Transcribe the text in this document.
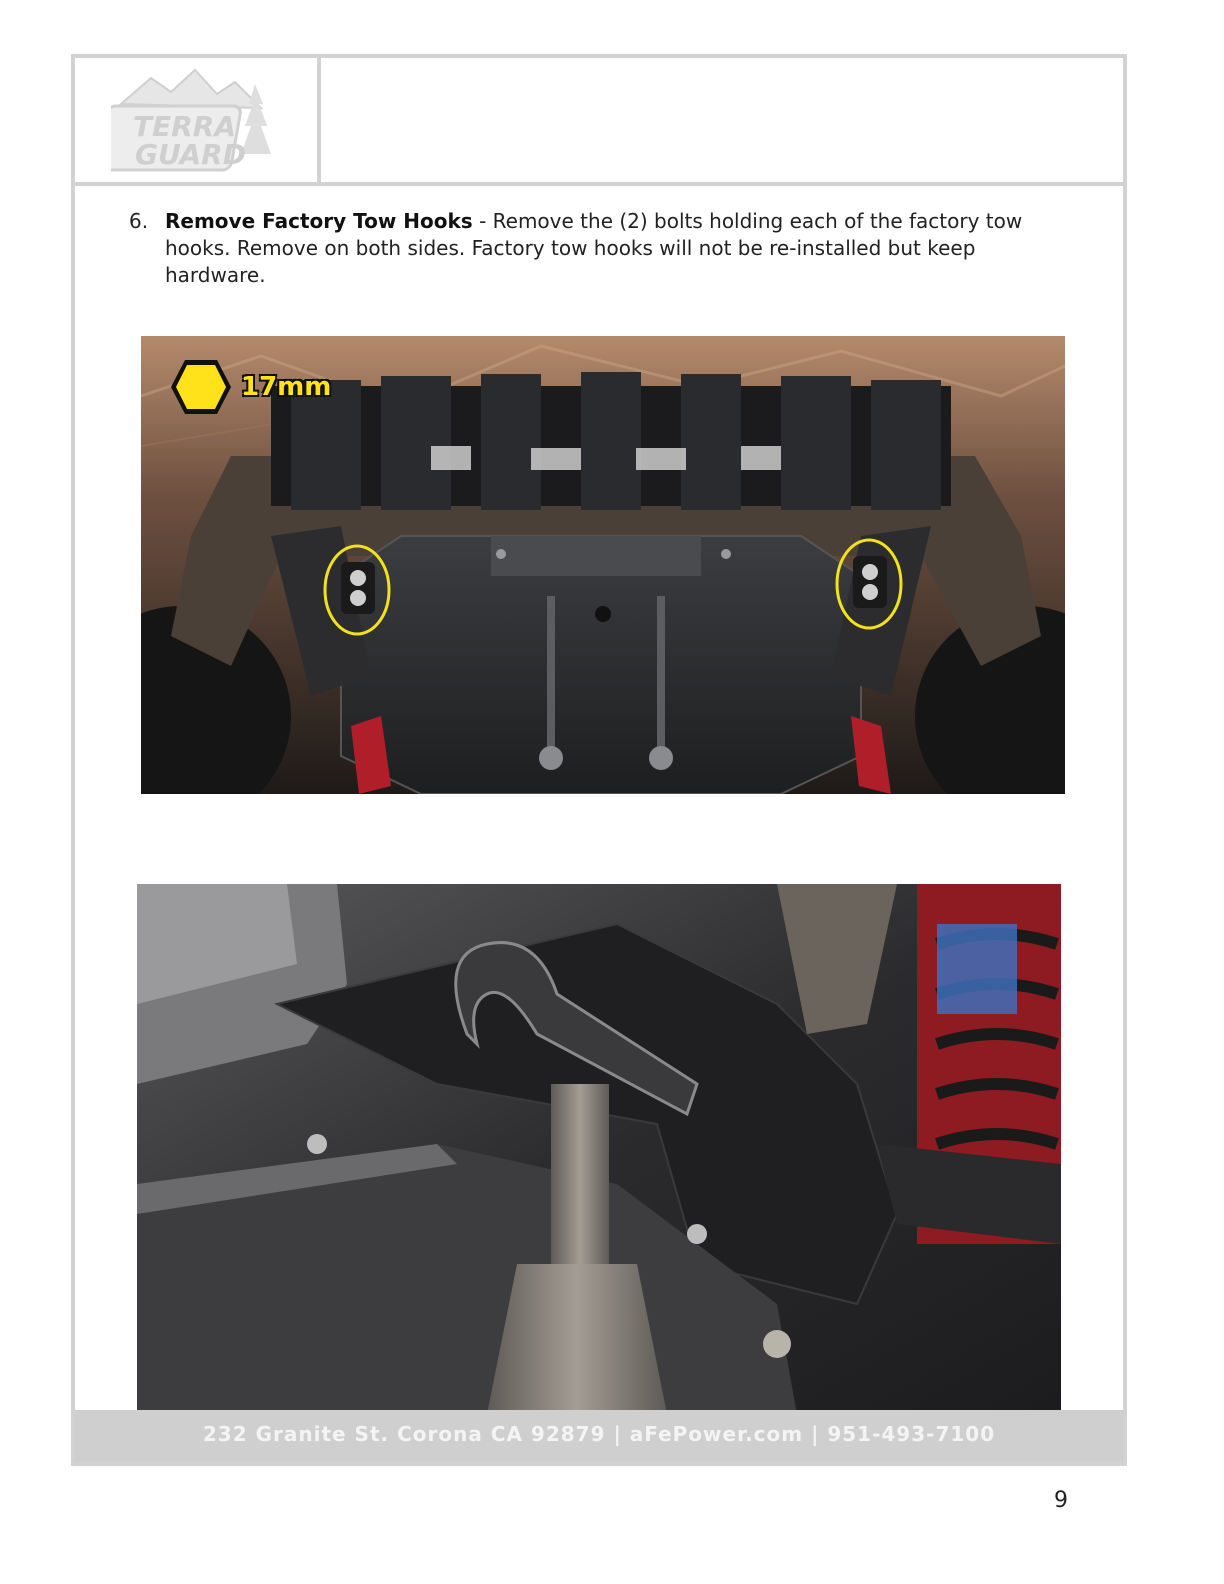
TERRA
GUARD
6. Remove Factory Tow Hooks - Remove the (2) bolts holding each of the factory tow hooks. Remove on both sides. Factory tow hooks will not be re-installed but keep hardware.
17mm
232 Granite St. Corona CA 92879 | aFePower.com | 951-493-7100
9
